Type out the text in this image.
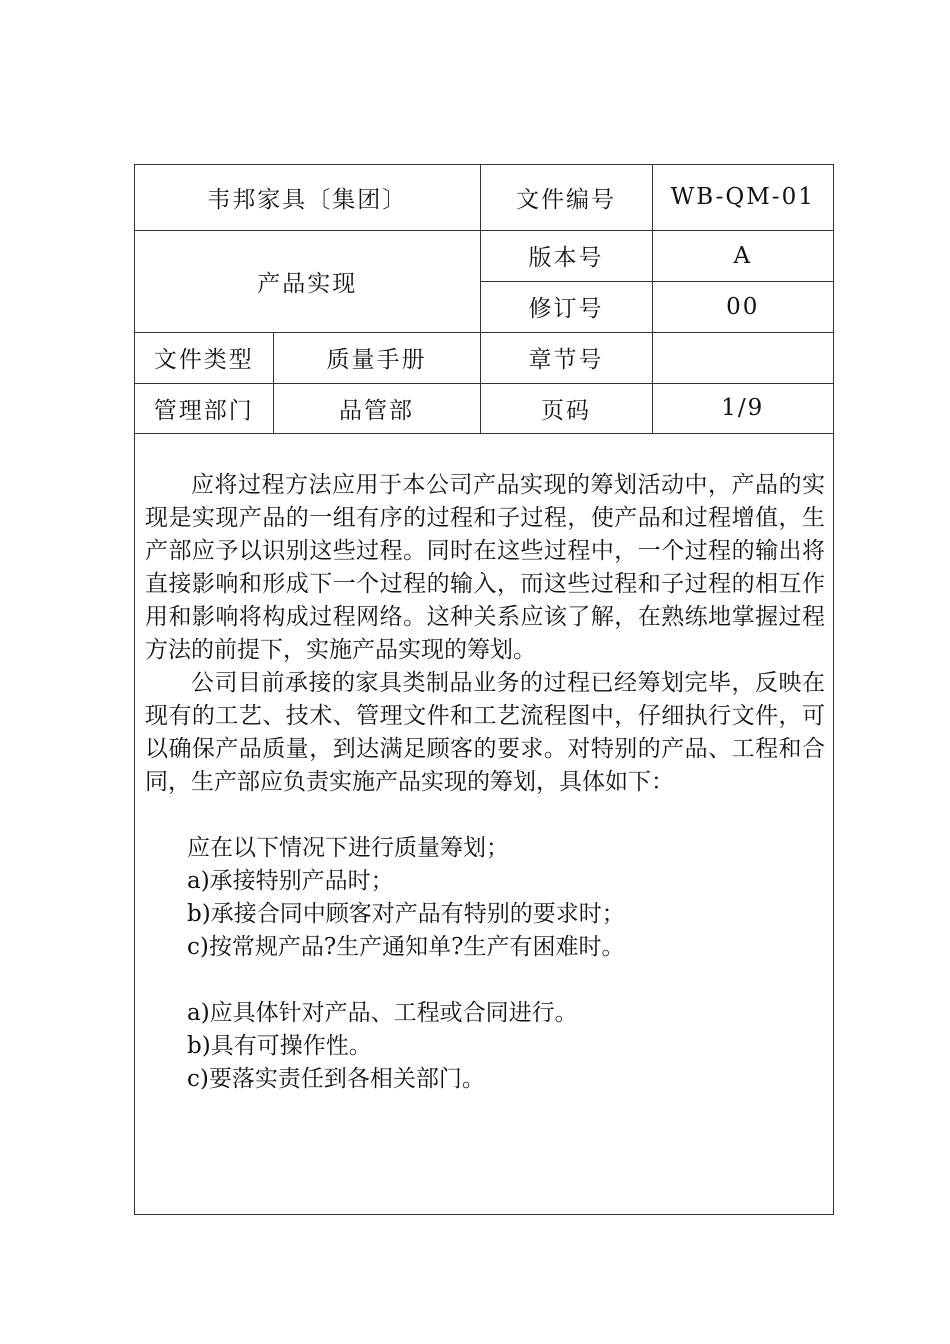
韦邦家具〔集团〕		文件编号	WB-QM-01
产品实现		版本号	A
		修订号	00
文件类型	质量手册	章节号	
管理部门	品管部	页码	1/9

应将过程方法应用于本公司产品实现的筹划活动中，产品的实现是实现产品的一组有序的过程和子过程，使产品和过程增值，生产部应予以识别这些过程。同时在这些过程中，一个过程的输出将直接影响和形成下一个过程的输入，而这些过程和子过程的相互作用和影响将构成过程网络。这种关系应该了解，在熟练地掌握过程方法的前提下，实施产品实现的筹划。

公司目前承接的家具类制品业务的过程已经筹划完毕，反映在现有的工艺、技术、管理文件和工艺流程图中，仔细执行文件，可以确保产品质量，到达满足顾客的要求。对特别的产品、工程和合同，生产部应负责实施产品实现的筹划，具体如下：

应在以下情况下进行质量筹划；

a)承接特别产品时；

b)承接合同中顾客对产品有特别的要求时；

c)按常规产品?生产通知单?生产有困难时。

a)应具体针对产品、工程或合同进行。

b)具有可操作性。

c)要落实责任到各相关部门。
